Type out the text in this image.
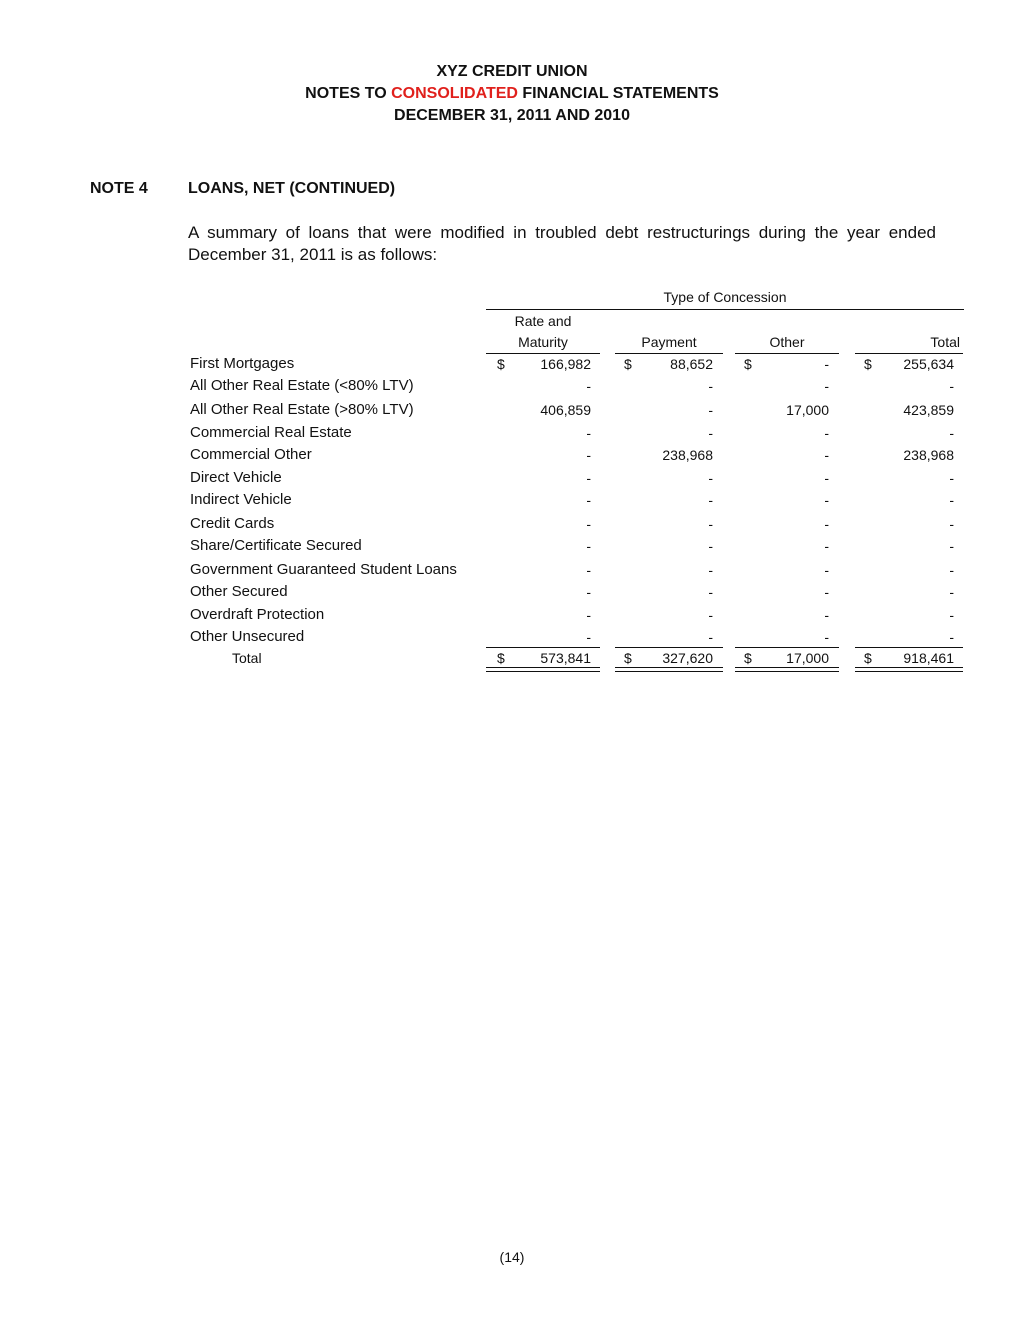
XYZ CREDIT UNION
NOTES TO CONSOLIDATED FINANCIAL STATEMENTS
DECEMBER 31, 2011 AND 2010
NOTE 4	LOANS, NET (CONTINUED)
A summary of loans that were modified in troubled debt restructurings during the year ended December 31, 2011 is as follows:
Type of Concession
Rate and
Maturity	Payment	Other	Total
First Mortgages	$	166,982 $	88,652 $	-	$	255,634
All Other Real Estate (<80% LTV)	-	-	-	-
All Other Real Estate (>80% LTV)	406,859	-	17,000	423,859
Commercial Real Estate	-	-	-	-
Commercial Other	-	238,968	-	238,968
Direct Vehicle	-	-	-	-
Indirect Vehicle	-	-	-	-
Credit Cards	-	-	-	-
Share/Certificate Secured	-	-	-	-
Government Guaranteed Student Loans	-	-	-	-
Other Secured	-	-	-	-
Overdraft Protection	-	-	-	-
Other Unsecured	-	-	-	-
Total	$	573,841 $	327,620 $	17,000	$	918,461
(14)
